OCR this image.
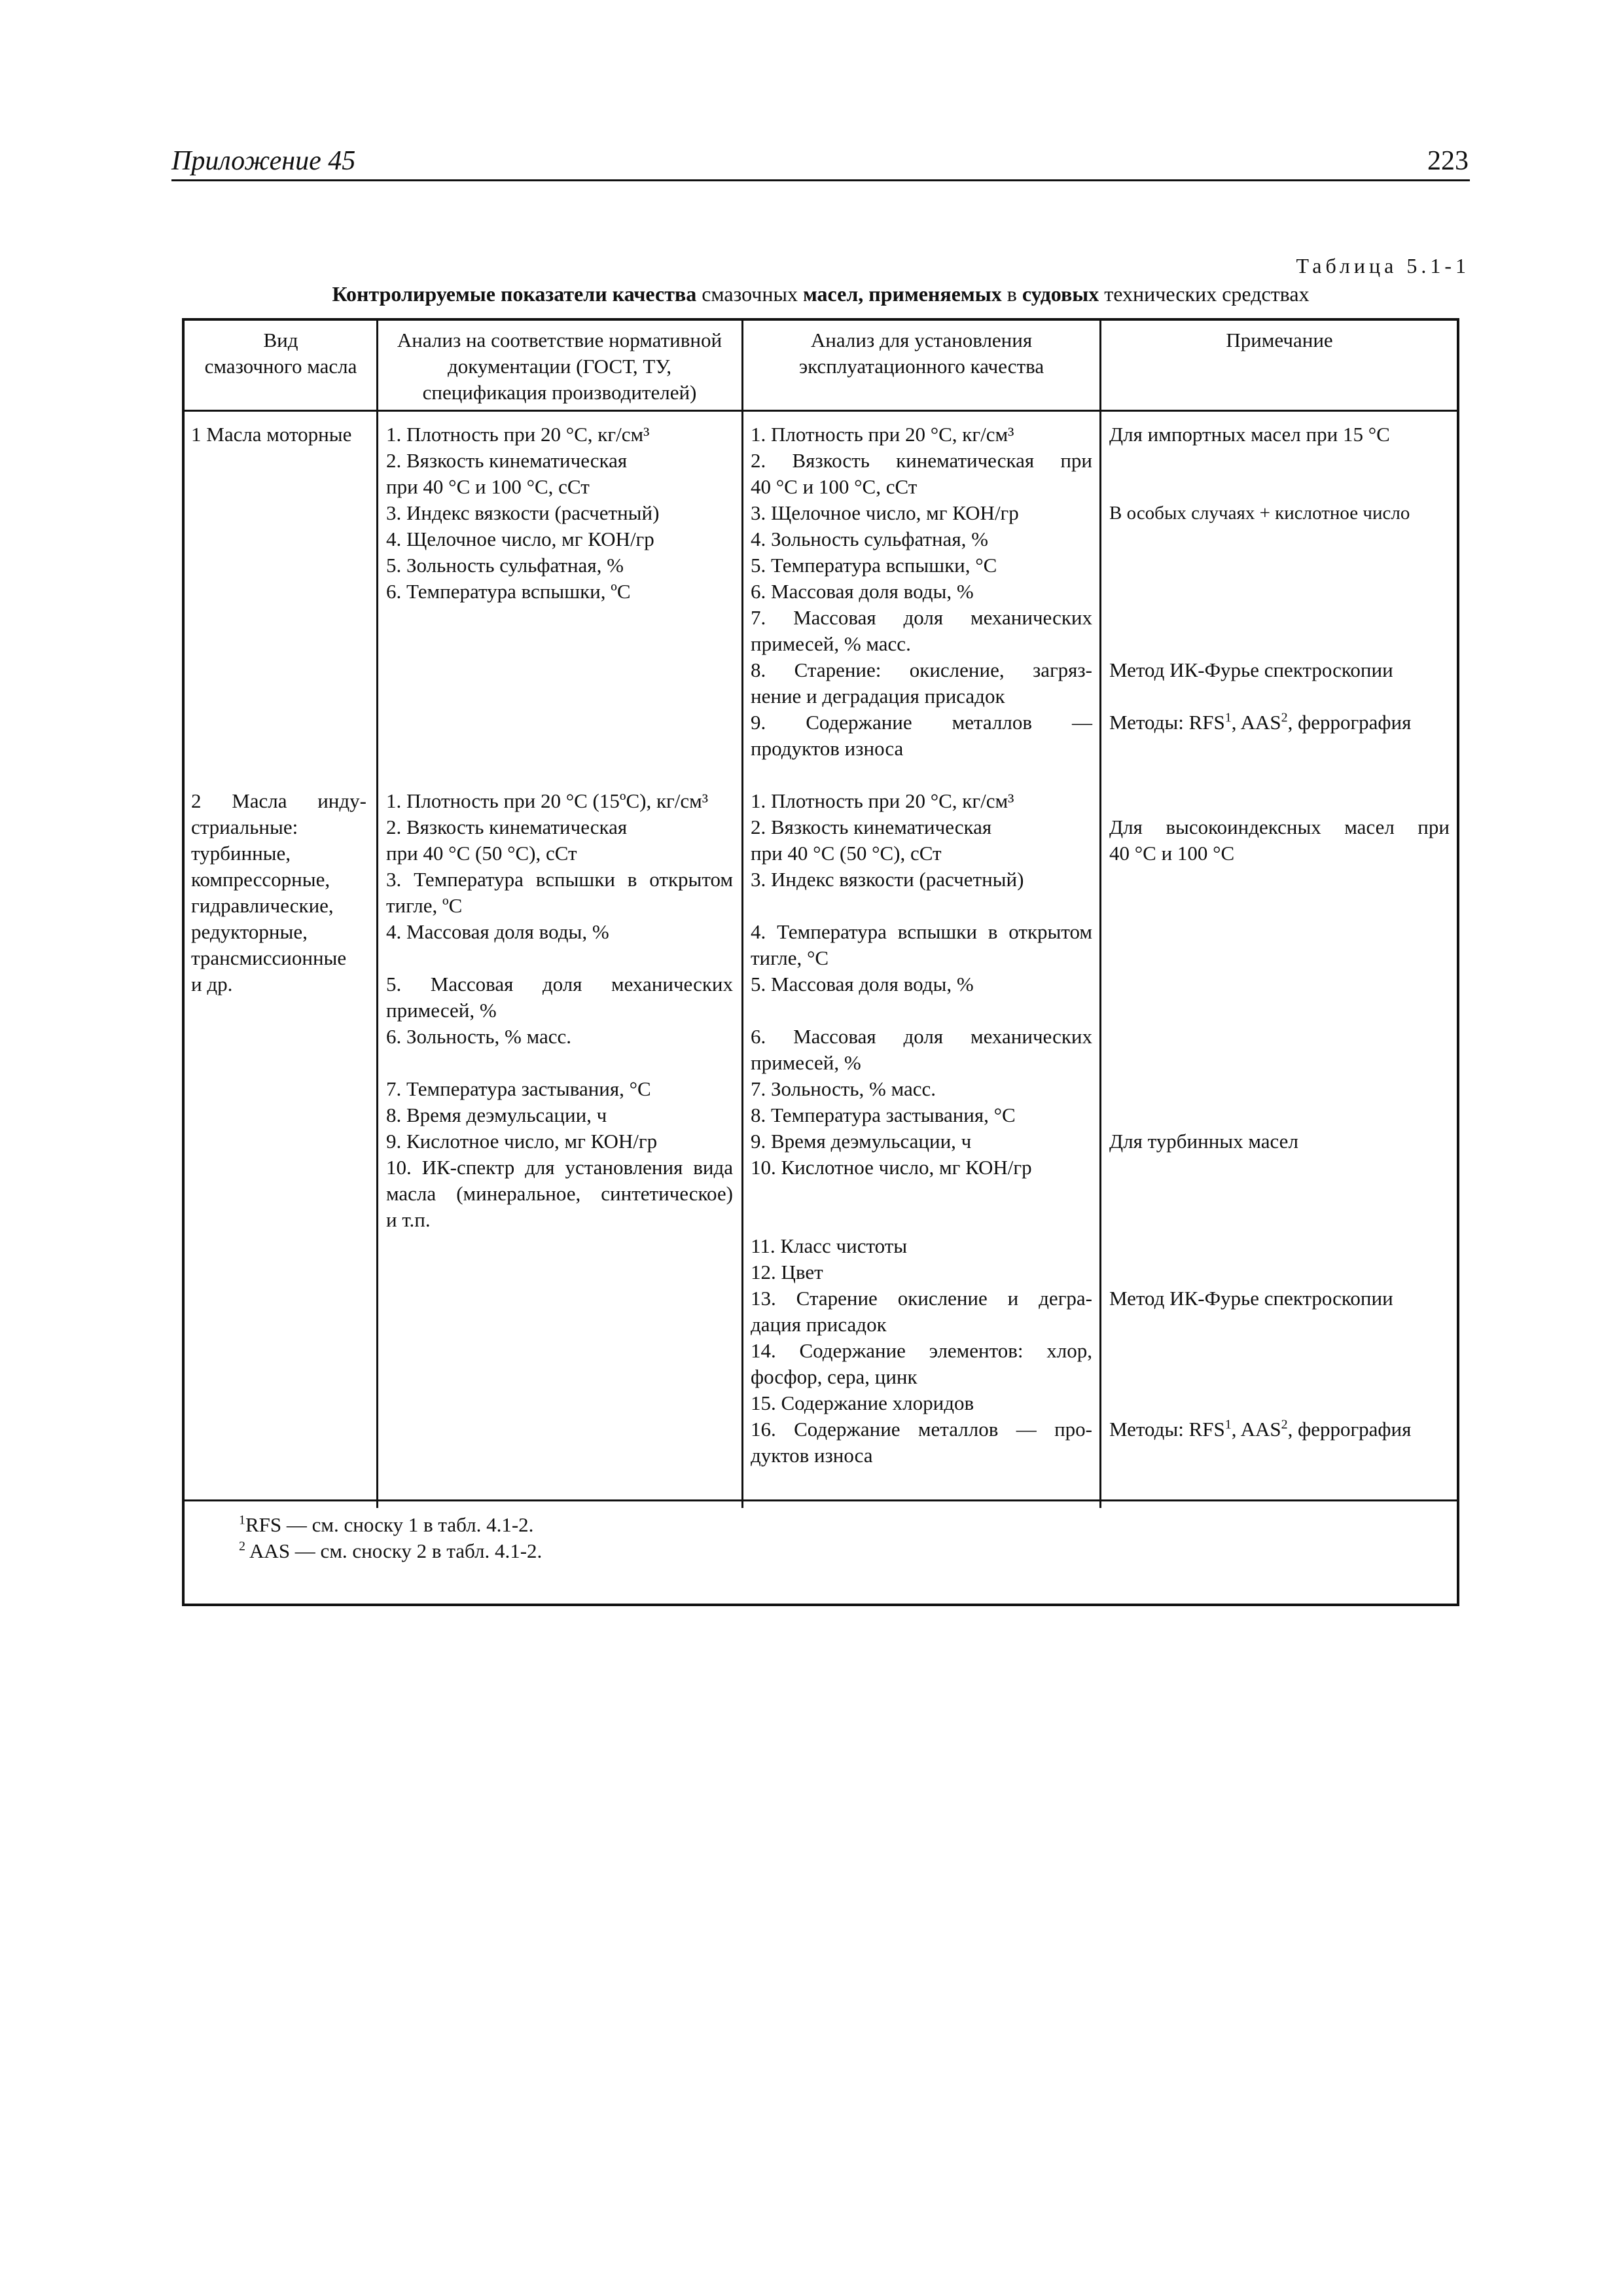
Приложение 45	223
Таблица 5.1-1
Контролируемые показатели качества смазочных масел, применяемых в судовых технических средствах

Вид

смазочного масла

Анализ на соответствие нормативной

документации (ГОСТ, ТУ,

спецификация производителей)

Анализ для установления

эксплуатационного качества

Примечание

1 Масла моторные	1. Плотность при 20 °С, кг/см³

2. Вязкость кинематическая

при 40 °С и 100 °С, сСт

3. Индекс вязкости (расчетный)

4. Щелочное число, мг КОН/гр

5. Зольность сульфатная, %

6. Температура вспышки, ºС

1. Плотность при 20 °С, кг/см³

2. Вязкость кинематическая при

40 °С и 100 °С, сСт

3. Щелочное число, мг КОН/гр

4. Зольность сульфатная, %

5. Температура вспышки, °С

6. Массовая доля воды, %

7. Массовая доля механических

примесей, % масс.

8. Старение: окисление, загряз-

нение и деградация присадок

9. Содержание металлов —

продуктов износа

Для импортных масел при 15 °С
В особых случаях + кислотное число
Метод ИК-Фурье спектроскопии
Методы: RFS$^1$, AAS$^2$, феррография

2 Масла инду-

стриальные:

турбинные,

компрессорные,

гидравлические,

редукторные,

трансмиссионные

и др.

1. Плотность при 20 °С (15ºС), кг/см³

2. Вязкость кинематическая

при 40 °С (50 °С), сСт

3. Температура вспышки в открытом

тигле, ºС

4. Массовая доля воды, %

5. Массовая доля механических

примесей, %

6. Зольность, % масс.

7. Температура застывания, °С

8. Время деэмульсации, ч

9. Кислотное число, мг КОН/гр

10. ИК-спектр для установления вида

масла (минеральное, синтетическое)

и т.п.

1. Плотность при 20 °С, кг/см³

2. Вязкость кинематическая

при 40 °С (50 °С), сСт

3. Индекс вязкости (расчетный)

4. Температура вспышки в открытом

тигле, °С

5. Массовая доля воды, %

6. Массовая доля механических

примесей, %

7. Зольность, % масс.

8. Температура застывания, °С

9. Время деэмульсации, ч

10. Кислотное число, мг КОН/гр

11. Класс чистоты

12. Цвет

13. Старение окисление и дегра-

дация присадок

14. Содержание элементов: хлор,

фосфор, сера, цинк

15. Содержание хлоридов

16. Содержание металлов — про-

дуктов износа

Для высокоиндексных масел при
40 °С и 100 °С
Для турбинных масел
Метод ИК-Фурье спектроскопии
Методы: RFS$^1$, AAS$^2$, феррография
$^1$RFS — см. сноску 1 в табл. 4.1-2.
$^2$ AAS — см. сноску 2 в табл. 4.1-2.
